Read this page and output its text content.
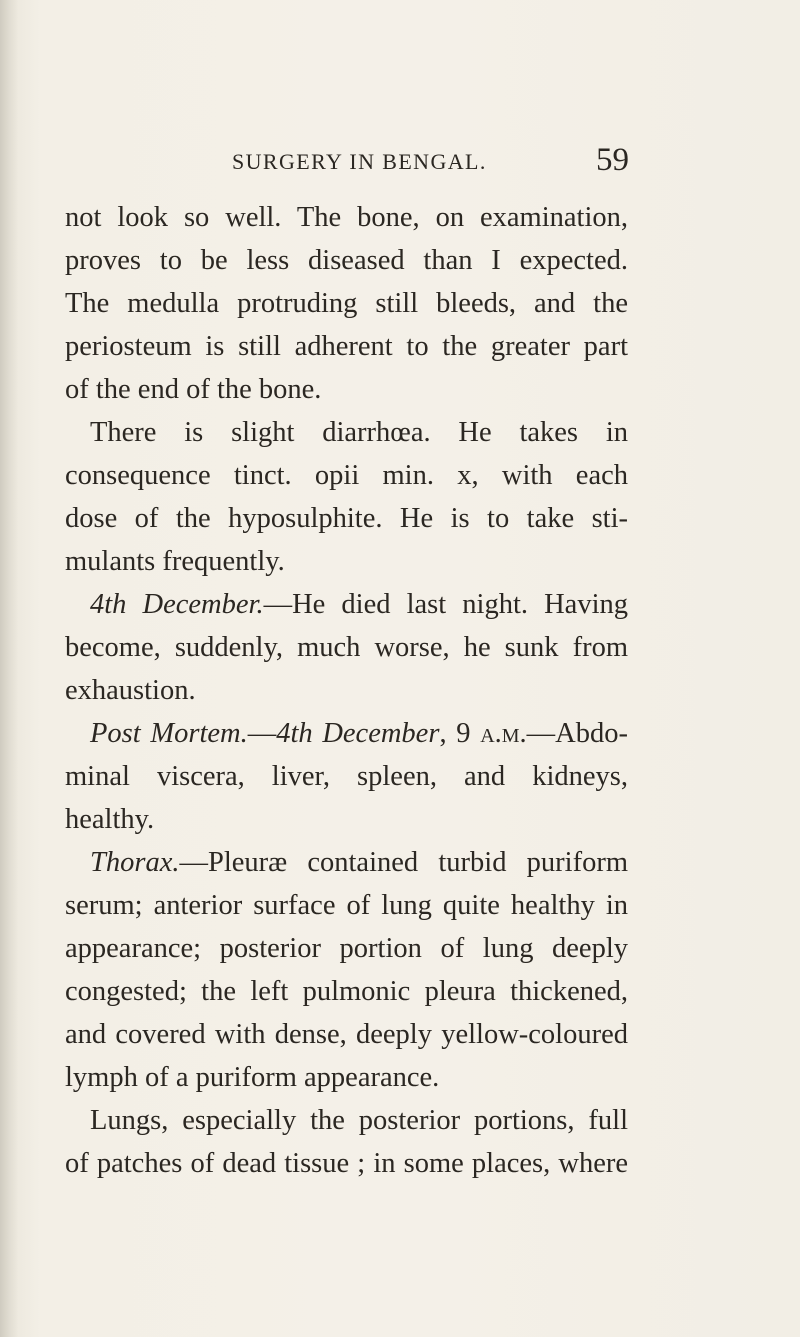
SURGERY IN BENGAL.	59
not look so well. The bone, on examination,
proves to be less diseased than I expected.
The medulla protruding still bleeds, and the
periosteum is still adherent to the greater part
of the end of the bone.
There is slight diarrhœa. He takes in
consequence tinct. opii min. x, with each
dose of the hyposulphite. He is to take sti-
mulants frequently.
4th December.—He died last night. Having
become, suddenly, much worse, he sunk from
exhaustion.
Post Mortem.—4th December, 9 a.m.—Abdo-
minal viscera, liver, spleen, and kidneys,
healthy.
Thorax.—Pleuræ contained turbid puriform
serum; anterior surface of lung quite healthy in
appearance; posterior portion of lung deeply
congested; the left pulmonic pleura thickened,
and covered with dense, deeply yellow-coloured
lymph of a puriform appearance.
Lungs, especially the posterior portions, full
of patches of dead tissue ; in some places, where
